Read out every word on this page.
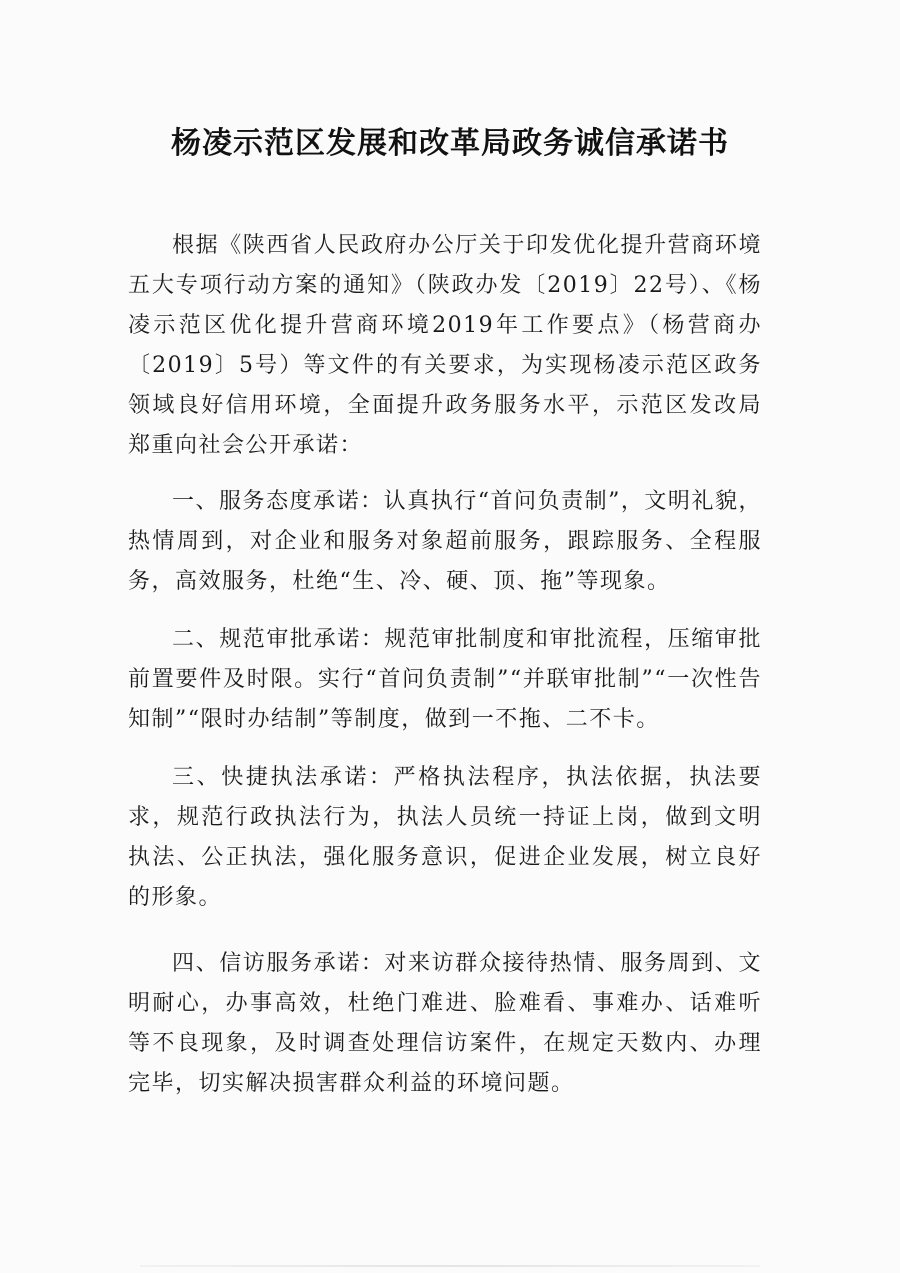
杨凌示范区发展和改革局政务诚信承诺书

根据《陕西省人民政府办公厅关于印发优化提升营商环境五大专项行动方案的通知》（陕政办发〔2019〕22号）、《杨凌示范区优化提升营商环境2019年工作要点》（杨营商办〔2019〕5号）等文件的有关要求，为实现杨凌示范区政务领域良好信用环境，全面提升政务服务水平，示范区发改局郑重向社会公开承诺：

一、服务态度承诺：认真执行“首问负责制”，文明礼貌，热情周到，对企业和服务对象超前服务，跟踪服务、全程服务，高效服务，杜绝“生、冷、硬、顶、拖”等现象。

二、规范审批承诺：规范审批制度和审批流程，压缩审批前置要件及时限。实行“首问负责制”“并联审批制”“一次性告知制”“限时办结制”等制度，做到一不拖、二不卡。

三、快捷执法承诺：严格执法程序，执法依据，执法要求，规范行政执法行为，执法人员统一持证上岗，做到文明执法、公正执法，强化服务意识，促进企业发展，树立良好的形象。

四、信访服务承诺：对来访群众接待热情、服务周到、文明耐心，办事高效，杜绝门难进、脸难看、事难办、话难听等不良现象，及时调查处理信访案件，在规定天数内、办理完毕，切实解决损害群众利益的环境问题。
